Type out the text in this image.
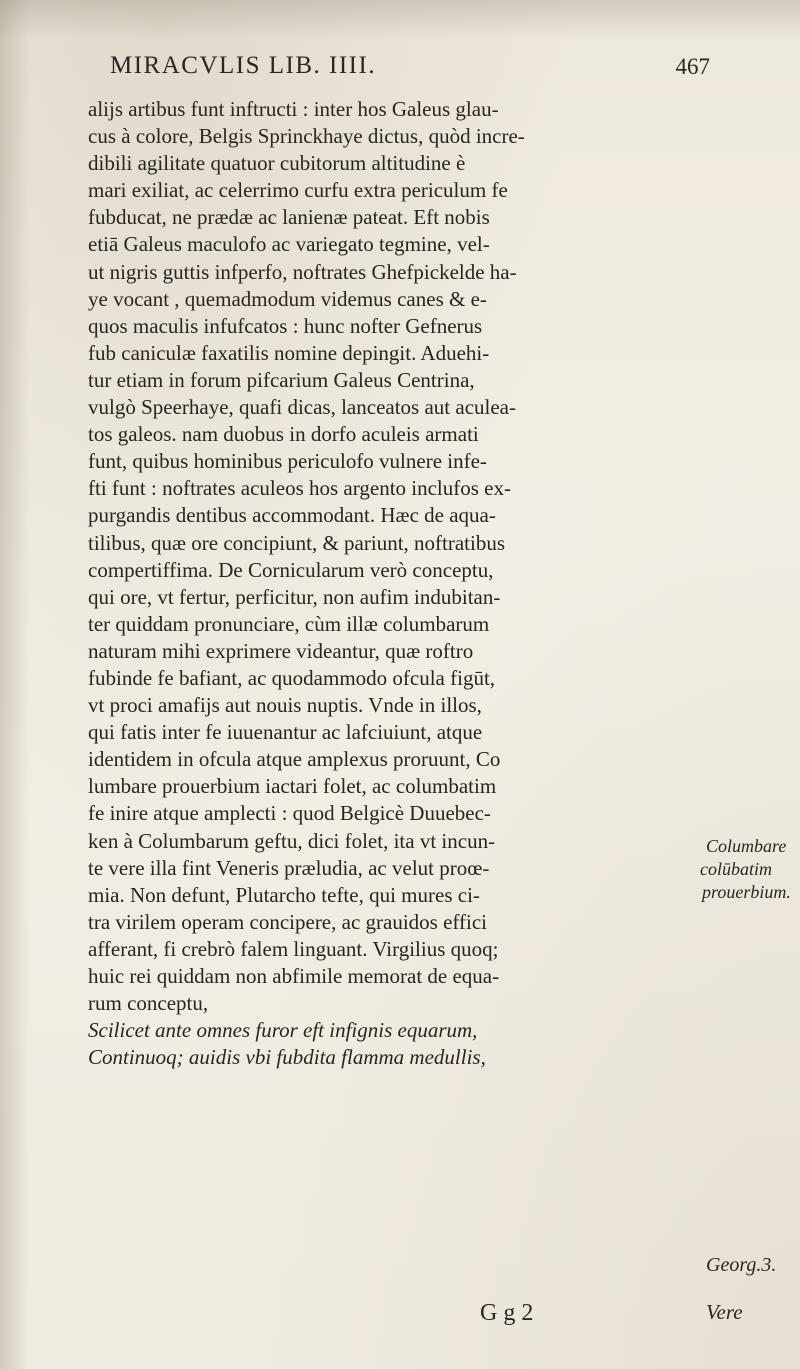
MIRACVLIS LIB. IIII.	467
alijs artibus funt inftructi : inter hos Galeus glau-
cus à colore, Belgis Sprinckhaye dictus, quòd incre-
dibili agilitate quatuor cubitorum altitudine è
mari exiliat, ac celerrimo curfu extra periculum fe
fubducat, ne prædæ ac lanienæ pateat. Eft nobis
etiā Galeus maculofo ac variegato tegmine, vel-
ut nigris guttis infperfo, noftrates Ghefpickelde ha-
ye vocant , quemadmodum videmus canes & e-
quos maculis infufcatos : hunc nofter Gefnerus
fub caniculæ faxatilis nomine depingit. Aduehi-
tur etiam in forum pifcarium Galeus Centrina,
vulgò Speerhaye, quafi dicas, lanceatos aut aculea-
tos galeos. nam duobus in dorfo aculeis armati
funt, quibus hominibus periculofo vulnere infe-
fti funt : noftrates aculeos hos argento inclufos ex-
purgandis dentibus accommodant. Hæc de aqua-
tilibus, quæ ore concipiunt, & pariunt, noftratibus
compertiffima. De Cornicularum verò conceptu,
qui ore, vt fertur, perficitur, non aufim indubitan-
ter quiddam pronunciare, cùm illæ columbarum
naturam mihi exprimere videantur, quæ roftro
fubinde fe bafiant, ac quodammodo ofcula figūt,
vt proci amafijs aut nouis nuptis. Vnde in illos,
qui fatis inter fe iuuenantur ac lafciuiunt, atque
identidem in ofcula atque amplexus proruunt, Co
lumbare prouerbium iactari folet, ac columbatim
fe inire atque amplecti : quod Belgicè Duuebec-
ken à Columbarum geftu, dici folet, ita vt incun-
te vere illa fint Veneris præludia, ac velut proœ-
mia. Non defunt, Plutarcho tefte, qui mures ci-
tra virilem operam concipere, ac grauidos effici
afferant, fi crebrò falem linguant. Virgilius quoq;
huic rei quiddam non abfimile memorat de equa-
rum conceptu,
Scilicet ante omnes furor eft infignis equarum,
Continuoq; auidis vbi fubdita flamma medullis,
Columbare
colūbatim
prouerbium.
Georg.3.
G g 2	Vere
